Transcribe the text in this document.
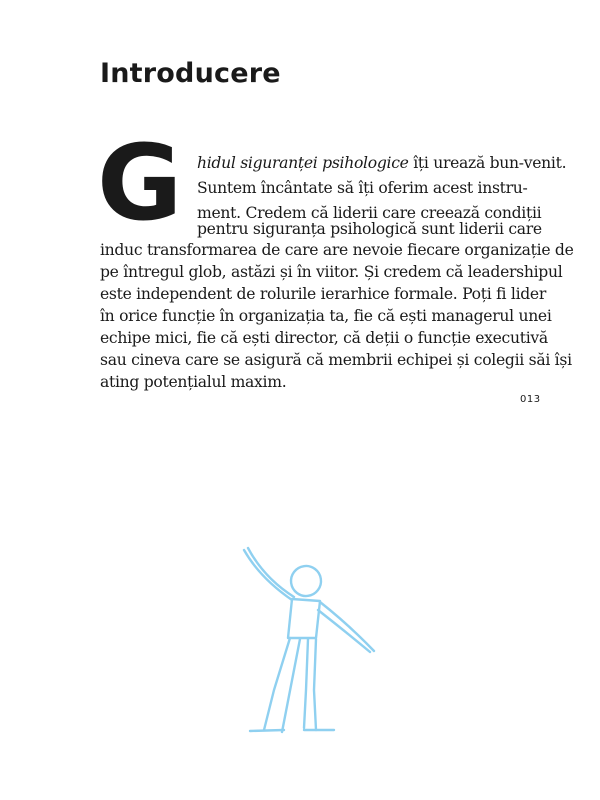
Introducere
G hidul siguranței psihologice îți urează bun-venit.

Suntem încântate să îți oferim acest instru-

ment. Credem că liderii care creează condiții

pentru siguranța psihologică sunt liderii care

induc transformarea de care are nevoie fiecare organizație de

pe întregul glob, astăzi și în viitor. Și credem că leadershipul

este independent de rolurile ierarhice formale. Poți fi lider

în orice funcție în organizația ta, fie că ești managerul unei

echipe mici, fie că ești director, că deții o funcție executivă

sau cineva care se asigură că membrii echipei și colegii săi își

ating potențialul maxim.

013
